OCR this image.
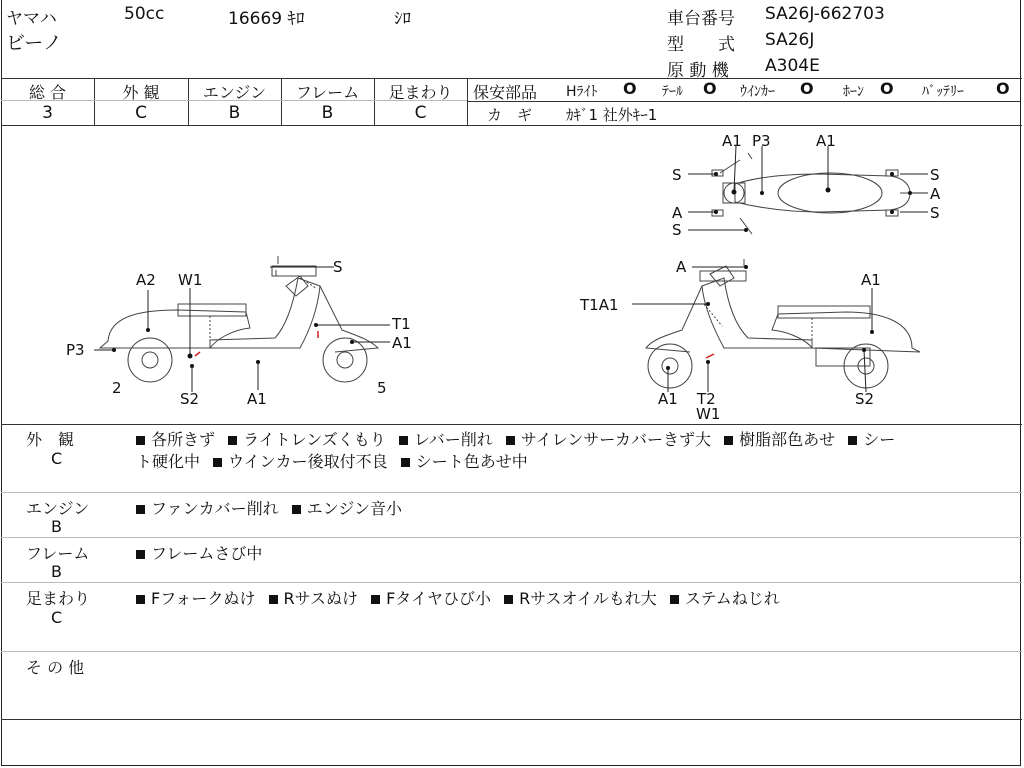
ヤマハ	50cc	16669 ｷﾛ	ｼﾛ
ビーノ
車台番号 SA26J-662703
型　　式 SA26J
原 動 機 A304E
総 合
3
外 観
C
エンジン
B
フレーム
B
足まわり
C
保安部品 Hﾗｲﾄ O ﾃｰﾙ O ｳｲﾝｶｰ O ﾎｰﾝ O ﾊﾞｯﾃﾘｰ O
カ　ギ ｶｷﾞ1 社外ｷｰ1
A2 W1
S
T1
A1
P3
2
S2	A1
5
A1 P3	A1
S
A
S
S
A
S
A
A1
T1A1
A1 T2
W1
S2
外　観
C
各所きず ライトレンズくもり レバー削れ サイレンサーカバーきず大 樹脂部色あせ シー
ト硬化中 ウインカー後取付不良 シート色あせ中
エンジン
B
ファンカバー削れ エンジン音小
フレーム
B
フレームさび中
足まわり
C
Fフォークぬけ Rサスぬけ Fタイヤひび小 Rサスオイルもれ大 ステムねじれ
そ の 他
